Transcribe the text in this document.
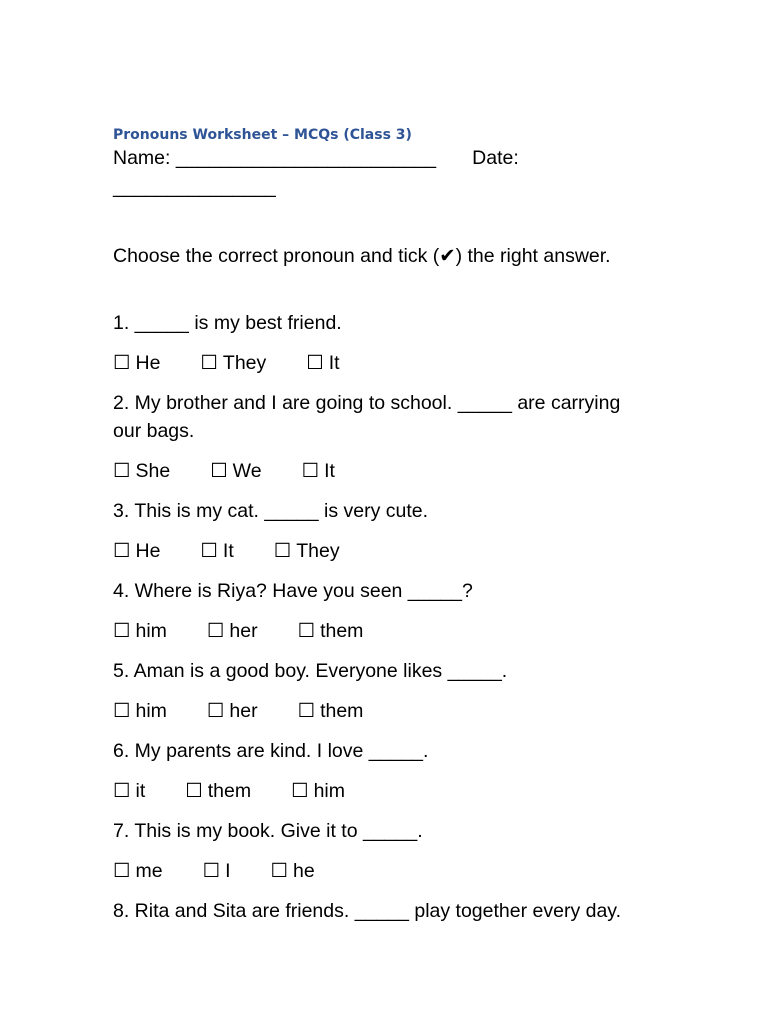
Pronouns Worksheet – MCQs (Class 3)

Name: ________________________ Date: _______________

Choose the correct pronoun and tick (✔) the right answer.

1. _____ is my best friend.

☐ He ☐ They ☐ It

2. My brother and I are going to school. _____ are carrying our bags.

☐ She ☐ We ☐ It

3. This is my cat. _____ is very cute.

☐ He ☐ It ☐ They

4. Where is Riya? Have you seen _____?

☐ him ☐ her ☐ them

5. Aman is a good boy. Everyone likes _____.

☐ him ☐ her ☐ them

6. My parents are kind. I love _____.

☐ it ☐ them ☐ him

7. This is my book. Give it to _____.

☐ me ☐ I ☐ he

8. Rita and Sita are friends. _____ play together every day.
